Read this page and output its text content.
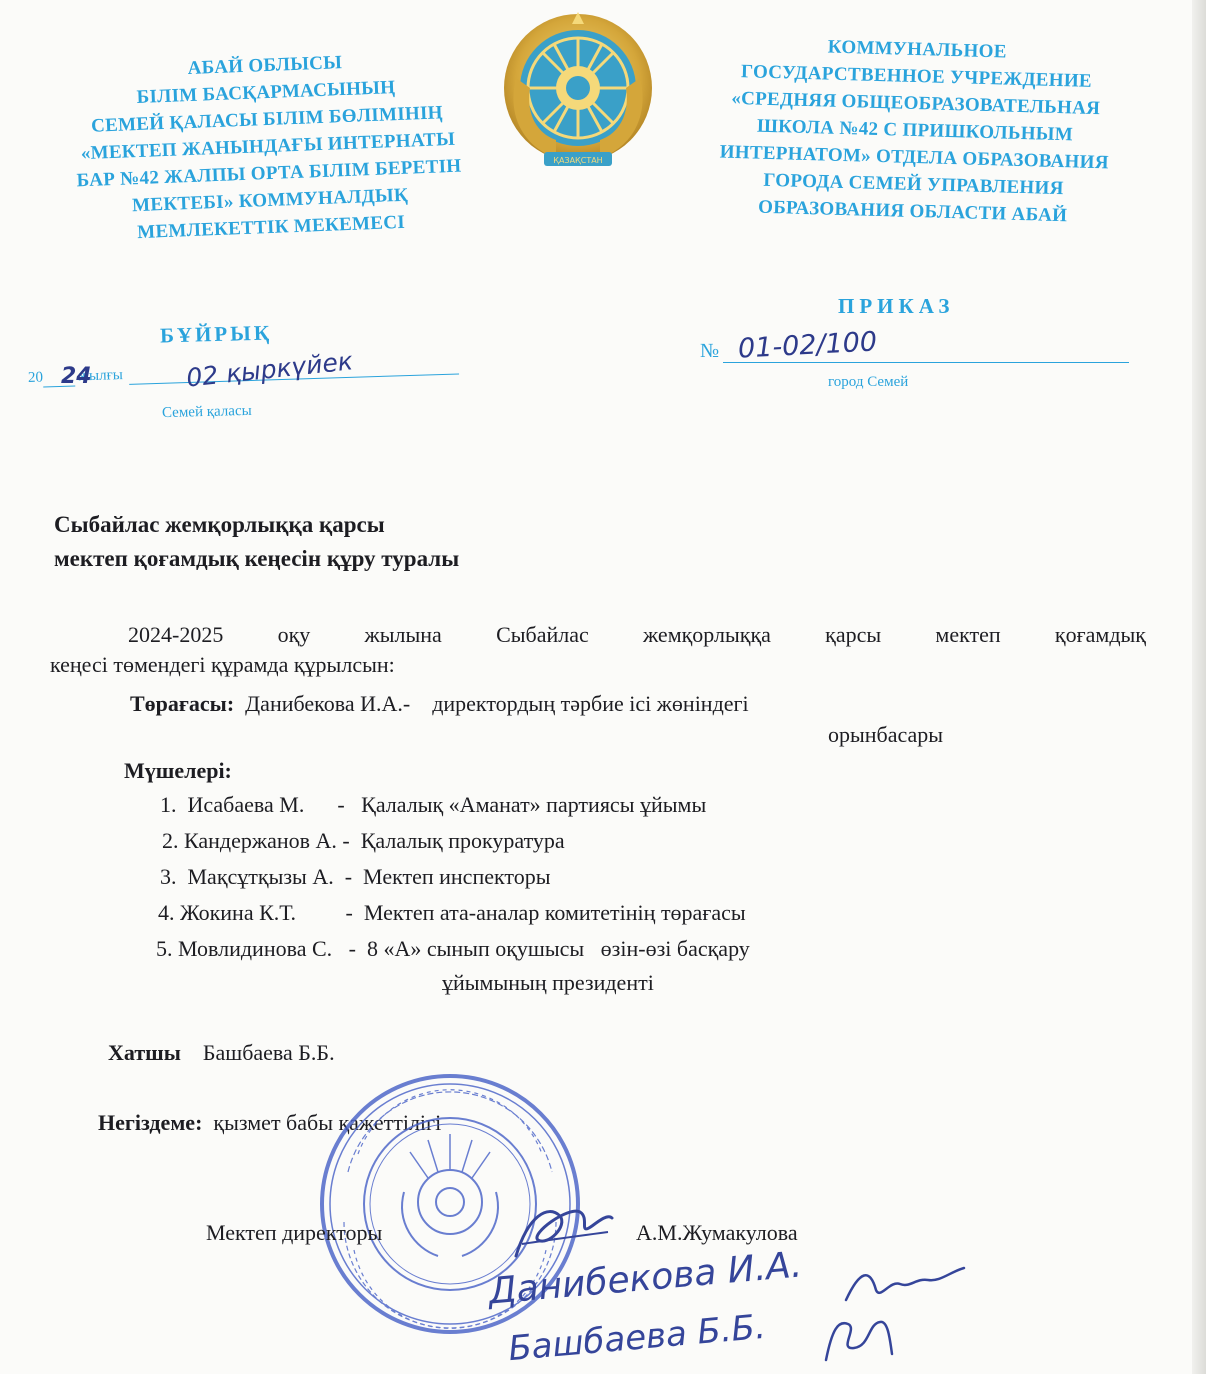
АБАЙ ОБЛЫСЫ
БІЛІМ БАСҚАРМАСЫНЫҢ
СЕМЕЙ ҚАЛАСЫ БІЛІМ БӨЛІМІНІҢ
«МЕКТЕП ЖАНЫНДАҒЫ ИНТЕРНАТЫ
БАР №42 ЖАЛПЫ ОРТА БІЛІМ БЕРЕТІН
МЕКТЕБІ» КОММУНАЛДЫҚ
МЕМЛЕКЕТТІК МЕКЕМЕСІ
ҚАЗАҚСТАН
КОММУНАЛЬНОЕ
ГОСУДАРСТВЕННОЕ УЧРЕЖДЕНИЕ
«СРЕДНЯЯ ОБЩЕОБРАЗОВАТЕЛЬНАЯ
ШКОЛА №42 С ПРИШКОЛЬНЫМ
ИНТЕРНАТОМ» ОТДЕЛА ОБРАЗОВАНИЯ
ГОРОДА СЕМЕЙ УПРАВЛЕНИЯ
ОБРАЗОВАНИЯ ОБЛАСТИ АБАЙ
БҰЙРЫҚ
ПРИКАЗ
20 жылғы
24	02 қыркүйек
Семей қаласы
№ 01-02/100
город Семей
Сыбайлас жемқорлыққа қарсы
мектеп қоғамдық кеңесін құру туралы
2024-2025 оқу жылына Сыбайлас жемқорлыққа қарсы мектеп қоғамдық
кеңесі төмендегі құрамда құрылсын:
Төрағасы: Данибекова И.А.- директордың тәрбие ісі жөніндегі
орынбасары
Мүшелері:
1.  Исабаева М.      -   Қалалық «Аманат» партиясы ұйымы
2. Кандержанов А. -  Қалалық прокуратура
3.  Мақсұтқызы А.  -  Мектеп инспекторы
4. Жокина К.Т.         -  Мектеп ата-аналар комитетінің төрағасы
5. Мовлидинова С.   -  8 «А» сынып оқушысы   өзін-өзі басқару
ұйымының президенті
Хатшы Башбаева Б.Б.
Негіздеме: қызмет бабы қажеттілігі
Мектеп директоры	А.М.Жумакулова
Данибекова И.А.
Башбаева Б.Б.
